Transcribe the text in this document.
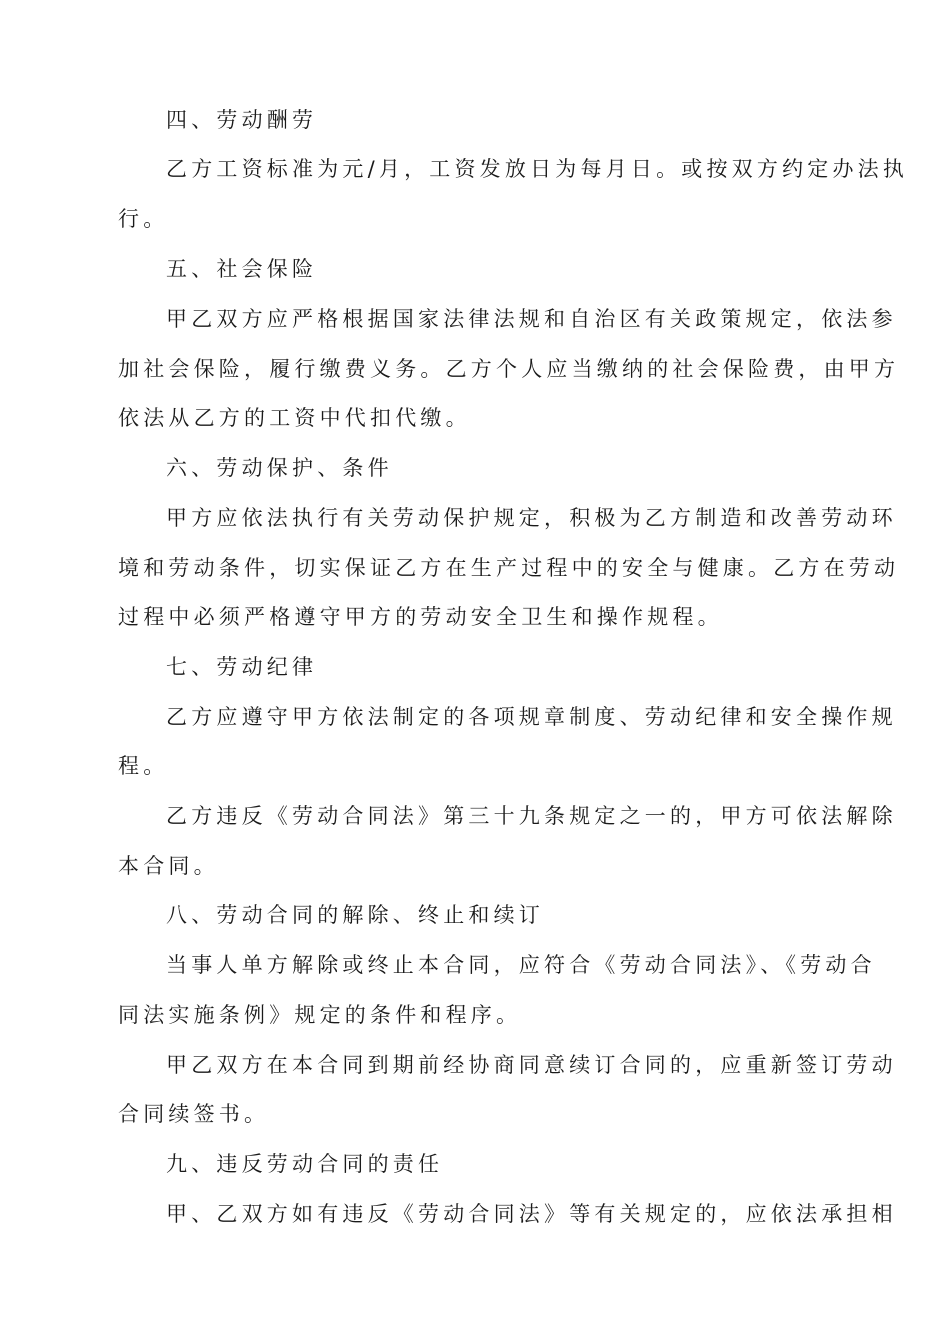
四、劳动酬劳

乙方工资标准为元/月，工资发放日为每月日。或按双方约定办法执

行。

五、社会保险

甲乙双方应严格根据国家法律法规和自治区有关政策规定，依法参

加社会保险，履行缴费义务。乙方个人应当缴纳的社会保险费，由甲方

依法从乙方的工资中代扣代缴。

六、劳动保护、条件

甲方应依法执行有关劳动保护规定，积极为乙方制造和改善劳动环

境和劳动条件，切实保证乙方在生产过程中的安全与健康。乙方在劳动

过程中必须严格遵守甲方的劳动安全卫生和操作规程。

七、劳动纪律

乙方应遵守甲方依法制定的各项规章制度、劳动纪律和安全操作规

程。

乙方违反《劳动合同法》第三十九条规定之一的，甲方可依法解除

本合同。

八、劳动合同的解除、终止和续订

当事人单方解除或终止本合同，应符合《劳动合同法》、《劳动合

同法实施条例》规定的条件和程序。

甲乙双方在本合同到期前经协商同意续订合同的，应重新签订劳动

合同续签书。

九、违反劳动合同的责任

甲、乙双方如有违反《劳动合同法》等有关规定的，应依法承担相
